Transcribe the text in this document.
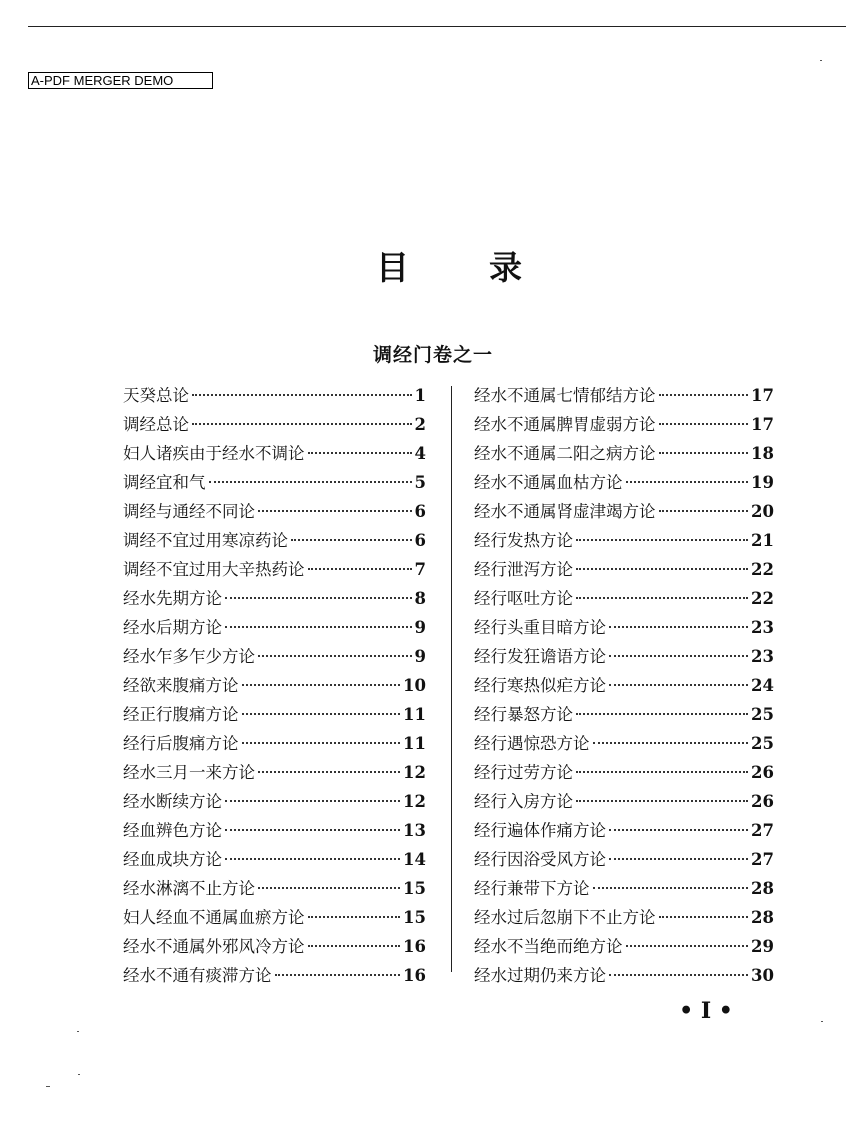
A-PDF MERGER DEMO
目录
调经门卷之一
天癸总论	1
调经总论	2
妇人诸疾由于经水不调论	4
调经宜和气	5
调经与通经不同论	6
调经不宜过用寒凉药论	6
调经不宜过用大辛热药论	7
经水先期方论	8
经水后期方论	9
经水乍多乍少方论	9
经欲来腹痛方论	10
经正行腹痛方论	11
经行后腹痛方论	11
经水三月一来方论	12
经水断续方论	12
经血辨色方论	13
经血成块方论	14
经水淋漓不止方论	15
妇人经血不通属血瘀方论	15
经水不通属外邪风冷方论	16
经水不通有痰滞方论	16
经水不通属七情郁结方论	17
经水不通属脾胃虚弱方论	17
经水不通属二阳之病方论	18
经水不通属血枯方论	19
经水不通属肾虚津竭方论	20
经行发热方论	21
经行泄泻方论	22
经行呕吐方论	22
经行头重目暗方论	23
经行发狂谵语方论	23
经行寒热似疟方论	24
经行暴怒方论	25
经行遇惊恐方论	25
经行过劳方论	26
经行入房方论	26
经行遍体作痛方论	27
经行因浴受风方论	27
经行兼带下方论	28
经水过后忽崩下不止方论	28
经水不当绝而绝方论	29
经水过期仍来方论	30
• I •
